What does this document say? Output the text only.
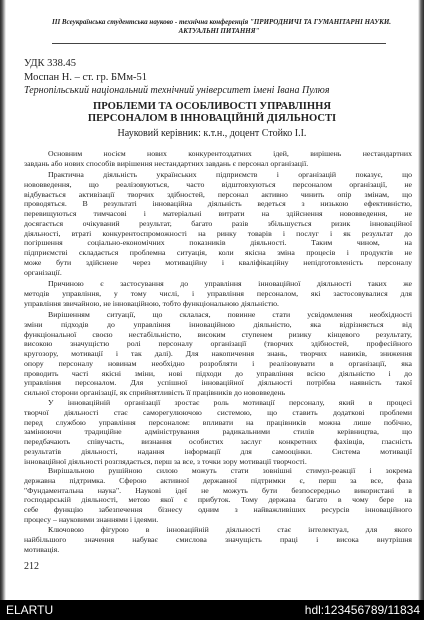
III Всеукраїнська студентська науково - технічна конференція "ПРИРОДНИЧІ ТА ГУМАНІТАРНІ НАУКИ.
АКТУАЛЬНІ ПИТАННЯ"
УДК 338.45
Моспан Н. – ст. гр. БМм-51
Тернопільський національний технічний університет імені Івана Пулюя
ПРОБЛЕМИ ТА ОСОБЛИВОСТІ УПРАВЛІННЯ
ПЕРСОНАЛОМ В ІННОВАЦІЙНІЙ ДІЯЛЬНОСТІ
Науковий керівник: к.т.н., доцент Стойко І.І.
Основним носієм нових конкурентоздатних ідей, вирішень нестандартних
завдань або нових способів вирішення нестандартних завдань є персонал організації.
Практична діяльність українських підприємств і організацій показує, що
нововведення, що реалізовуються, часто відштовхуються персоналом організації, не
відбувається активізації творчих здібностей, персонал активно чинить опір змінам, що
проводяться. В результаті інноваційна діяльність ведеться з низькою ефективністю,
перевищуються тимчасові і матеріальні витрати на здійснення нововведення, не
досягається очікуваний результат, багато разів збільшується ризик інноваційної
діяльності, втраті конкурентоспроможності на ринку товарів і послуг і як результат до
погіршення соціально-економічних показників діяльності. Таким чином, на
підприємстві складається проблемна ситуація, коли якісна зміна процесів і продуктів не
може бути здійснене через мотиваційну і кваліфікаційну непідготовленість персоналу
організації.
Причиною є застосування до управління інноваційної діяльності таких же
методів управління, у тому числі, і управління персоналом, які застосовувалися для
управління звичайною, не інноваційною, тобто функціональною діяльністю.
Вирішенням ситуації, що склалася, повинне стати усвідомлення необхідності
зміни підходів до управління інноваційною діяльністю, яка відрізняється від
функціональної своєю нестабільністю, високим ступенем ризику кінцевого результату,
високою значущістю ролі персоналу організації (творчих здібностей, професійного
кругозору, мотивації і так далі). Для накопичення знань, творчих навиків, зниження
опору персоналу новинам необхідно розробляти і реалізовувати в організації, яка
проводить часті якісні зміни, нові підходи до управління всією діяльністю і до
управління персоналом. Для успішної інноваційної діяльності потрібна наявність такої
сильної сторони організації, як сприйнятливість її працівників до нововведень
У інноваційній організації зростає роль мотивації персоналу, який в процесі
творчої діяльності стає саморегулюючою системою, що ставить додаткові проблеми
перед службою управління персоналом: впливати на працівників можна лише побічно,
замінюючи традиційне адміністрування радикальними стилів керівництва, що
передбачають співучасть, визнання особистих заслуг конкретних фахівців, гласність
результатів діяльності, надання інформації для самооцінки. Система мотивації
інноваційної діяльності розглядається, перш за все, з точки зору мотивації творчості.
Вирішальною рушійною силою можуть стати зовнішні стимул-реакції і зокрема
державна підтримка. Сферою активної державної підтримки є, перш за все, фаза
"Фундаментальна наука". Наукові ідеї не можуть бути безпосередньо використані в
господарській діяльності, метою якої є прибуток. Тому держава багато в чому бере на
себе функцію забезпечення бізнесу одним з найважливіших ресурсів інноваційного
процесу – науковими знаннями і ідеями.
Ключовою фігурою в інноваційній діяльності стає інтелектуал, для якого
найбільшого значення набуває смислова значущість праці і висока внутрішня
мотивація.
212
ELARTU	hdl:123456789/11834
